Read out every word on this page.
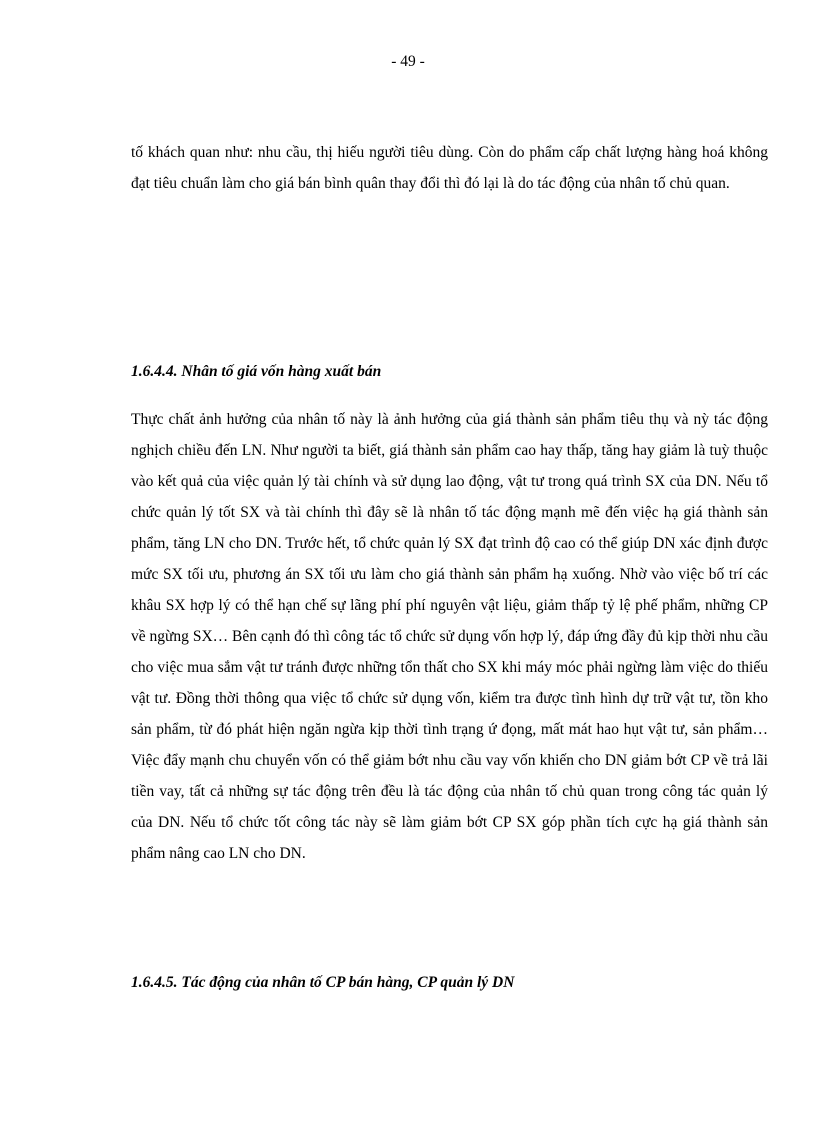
- 49 -

tố khách quan như: nhu cầu, thị hiếu người tiêu dùng. Còn do phẩm cấp chất lượng hàng hoá không đạt tiêu chuẩn làm cho giá bán bình quân thay đổi thì đó lại là do tác động của nhân tố chủ quan.

1.6.4.4. Nhân tố giá vốn hàng xuất bán

Thực chất ảnh hưởng của nhân tố này là ảnh hưởng của giá thành sản phẩm tiêu thụ và nỳ tác động nghịch chiều đến LN. Như người ta biết, giá thành sản phẩm cao hay thấp, tăng hay giảm là tuỳ thuộc vào kết quả của việc quản lý tài chính và sử dụng lao động, vật tư trong quá trình SX của DN. Nếu tổ chức quản lý tốt SX và tài chính thì đây sẽ là nhân tố tác động mạnh mẽ đến việc hạ giá thành sản phẩm, tăng LN cho DN. Trước hết, tổ chức quản lý SX đạt trình độ cao có thể giúp DN xác định được mức SX tối ưu, phương án SX tối ưu làm cho giá thành sản phẩm hạ xuống. Nhờ vào việc bố trí các khâu SX hợp lý có thể hạn chế sự lãng phí phí nguyên vật liệu, giảm thấp tỷ lệ phế phẩm, những CP về ngừng SX… Bên cạnh đó thì công tác tổ chức sử dụng vốn hợp lý, đáp ứng đầy đủ kịp thời nhu cầu cho việc mua sắm vật tư tránh được những tổn thất cho SX khi máy móc phải ngừng làm việc do thiếu vật tư. Đồng thời thông qua việc tổ chức sử dụng vốn, kiểm tra được tình hình dự trữ vật tư, tồn kho sản phẩm, từ đó phát hiện ngăn ngừa kịp thời tình trạng ứ đọng, mất mát hao hụt vật tư, sản phẩm… Việc đẩy mạnh chu chuyển vốn có thể giảm bớt nhu cầu vay vốn khiến cho DN giảm bớt CP về trả lãi tiền vay, tất cả những sự tác động trên đều là tác động của nhân tố chủ quan trong công tác quản lý của DN. Nếu tổ chức tốt công tác này sẽ làm giảm bớt CP SX góp phần tích cực hạ giá thành sản phẩm nâng cao LN cho DN.

1.6.4.5. Tác động của nhân tố CP bán hàng, CP quản lý DN
